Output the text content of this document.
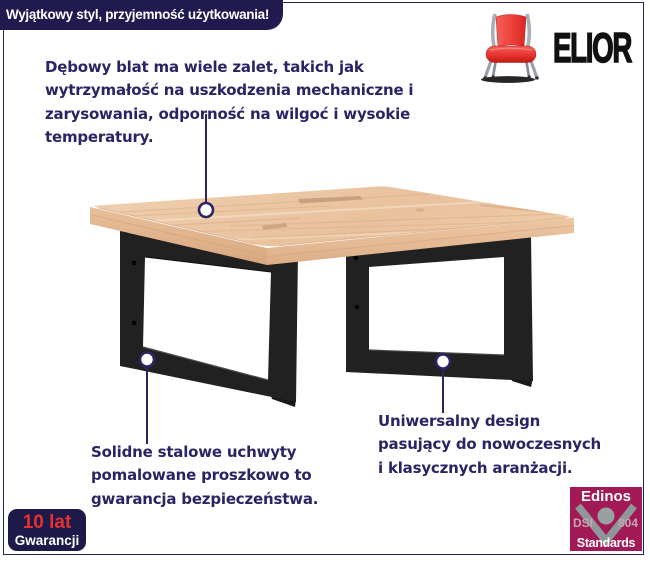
Wyjątkowy styl, przyjemność użytkowania!
ELIOR
Dębowy blat ma wiele zalet, takich jak
wytrzymałość na uszkodzenia mechaniczne i
zarysowania, odporność na wilgoć i wysokie
temperatury.
Solidne stalowe uchwyty
pomalowane proszkowo to
gwarancja bezpieczeństwa.
Uniwersalny design
pasujący do nowoczesnych
i klasycznych aranżacji.
10 lat
Gwarancji
Edinos
DSI 804
Standards
